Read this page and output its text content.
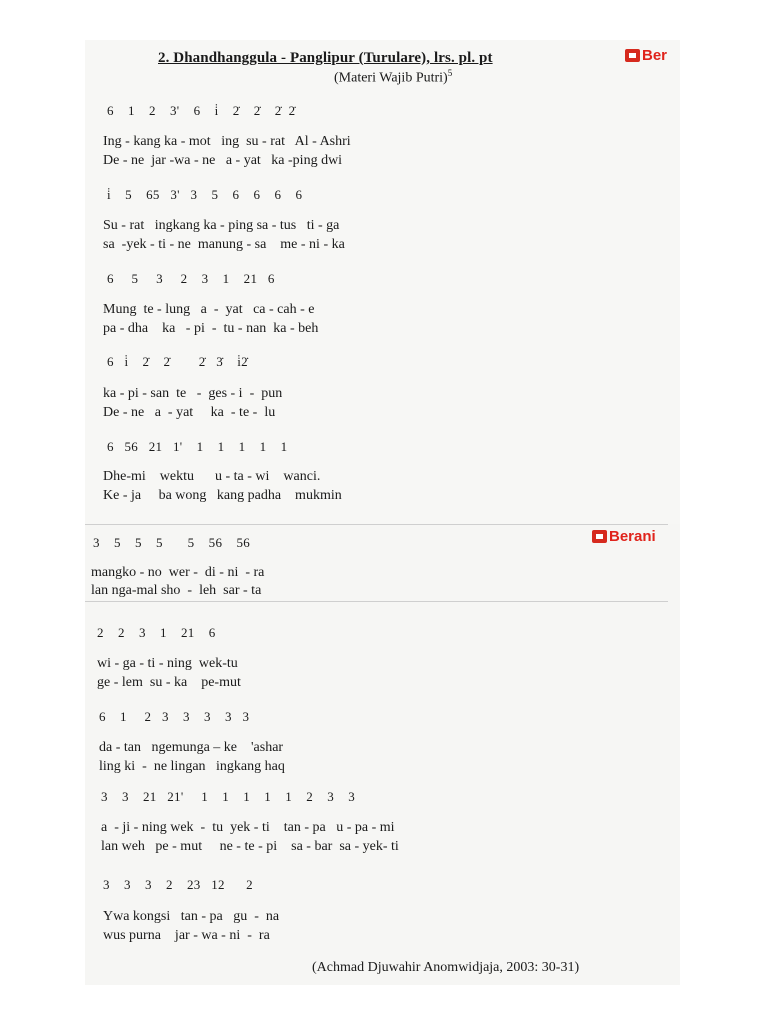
2. Dhandhanggula - Panglipur (Turulare), lrs. pl. pt
(Materi Wajib Putri)$^5$
Ber
Berani
6    1    2    3'    6    i̇    2̇    2̇    2̇  2̇
Ing - kang ka - mot   ing  su - rat   Al - Ashri
De - ne  jar -wa - ne   a - yat   ka -ping dwi
i̇    5    65   3'   3    5    6    6    6    6
Su - rat   ingkang ka - ping sa - tus   ti - ga
sa  -yek - ti - ne  manung - sa    me - ni - ka
6     5     3     2    3    1    21   6
Mung  te - lung   a  -  yat   ca - cah - e
pa - dha    ka   - pi  -  tu - nan  ka - beh
6   i̇    2̇    2̇        2̇   3̇    i̇2̇
ka - pi - san  te   -  ges - i  -  pun
De - ne   a  - yat     ka  - te -  lu
6   56   21   1'    1    1    1    1    1
Dhe-mi    wektu      u - ta - wi    wanci.
Ke - ja     ba wong   kang padha    mukmin
3    5    5    5       5    56    56
mangko - no  wer -  di - ni  - ra
lan nga-mal sho  -  leh  sar - ta
2    2    3    1    21    6
wi - ga - ti - ning  wek-tu
ge - lem  su - ka    pe-mut
6    1     2   3    3    3    3   3
da - tan   ngemunga – ke    'ashar
ling ki  -  ne lingan   ingkang haq
3    3    21   21'     1    1    1    1    1    2    3    3
a  - ji - ning wek  -  tu  yek - ti    tan - pa   u - pa - mi
lan weh   pe - mut     ne - te - pi    sa - bar  sa - yek- ti
3    3    3    2    23   12      2
Ywa kongsi   tan - pa   gu  -  na
wus purna    jar - wa - ni  -  ra
(Achmad Djuwahir Anomwidjaja, 2003: 30-31)
